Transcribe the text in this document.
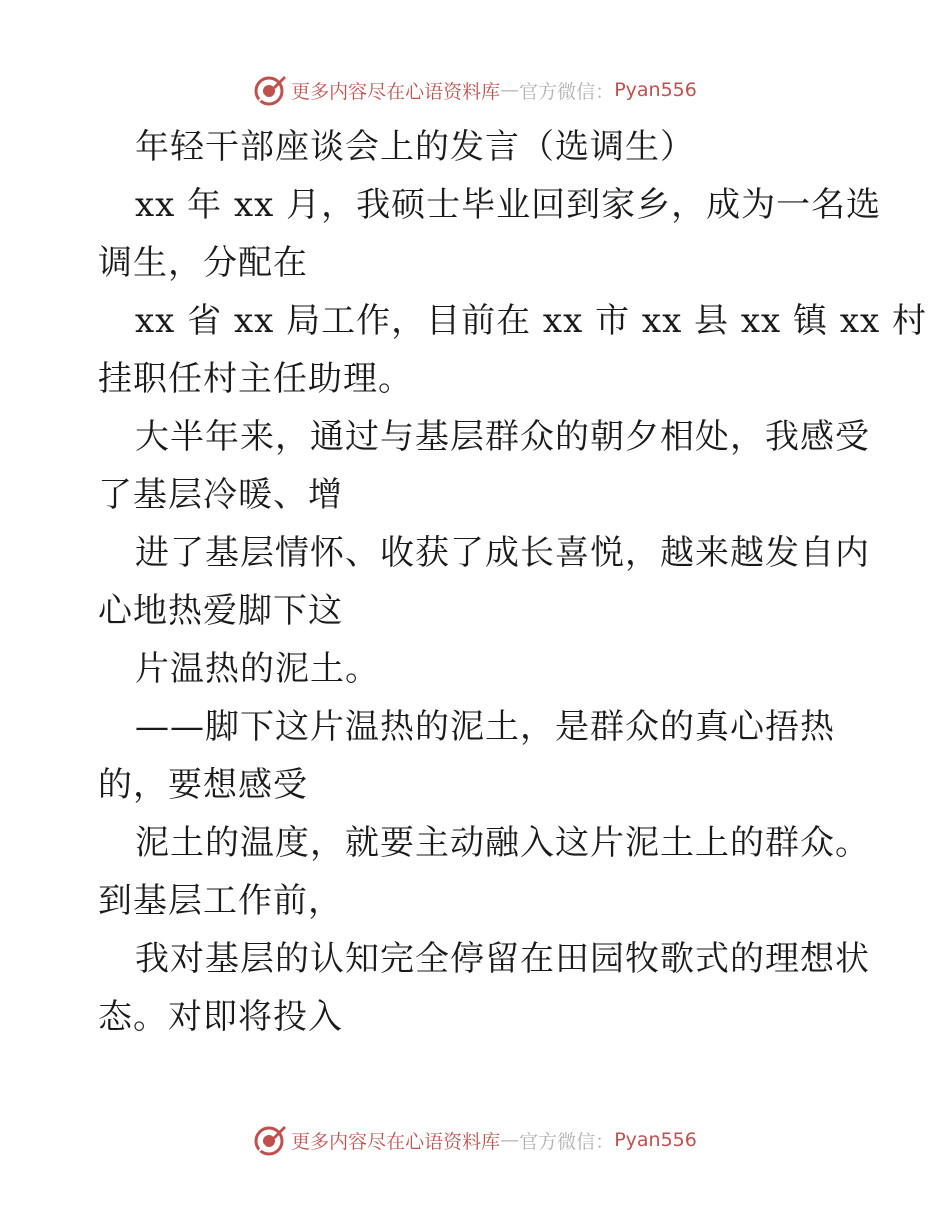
更多内容尽在心语资料库 — 官方微信： Pyan556
年轻干部座谈会上的发言（选调生）
xx 年 xx 月，我硕士毕业回到家乡，成为一名选
调生，分配在
xx 省 xx 局工作，目前在 xx 市 xx 县 xx 镇 xx 村
挂职任村主任助理。
大半年来，通过与基层群众的朝夕相处，我感受
了基层冷暖、增
进了基层情怀、收获了成长喜悦，越来越发自内
心地热爱脚下这
片温热的泥土。
——脚下这片温热的泥土，是群众的真心捂热
的，要想感受
泥土的温度，就要主动融入这片泥土上的群众。
到基层工作前，
我对基层的认知完全停留在田园牧歌式的理想状
态。对即将投入
更多内容尽在心语资料库 — 官方微信： Pyan556
